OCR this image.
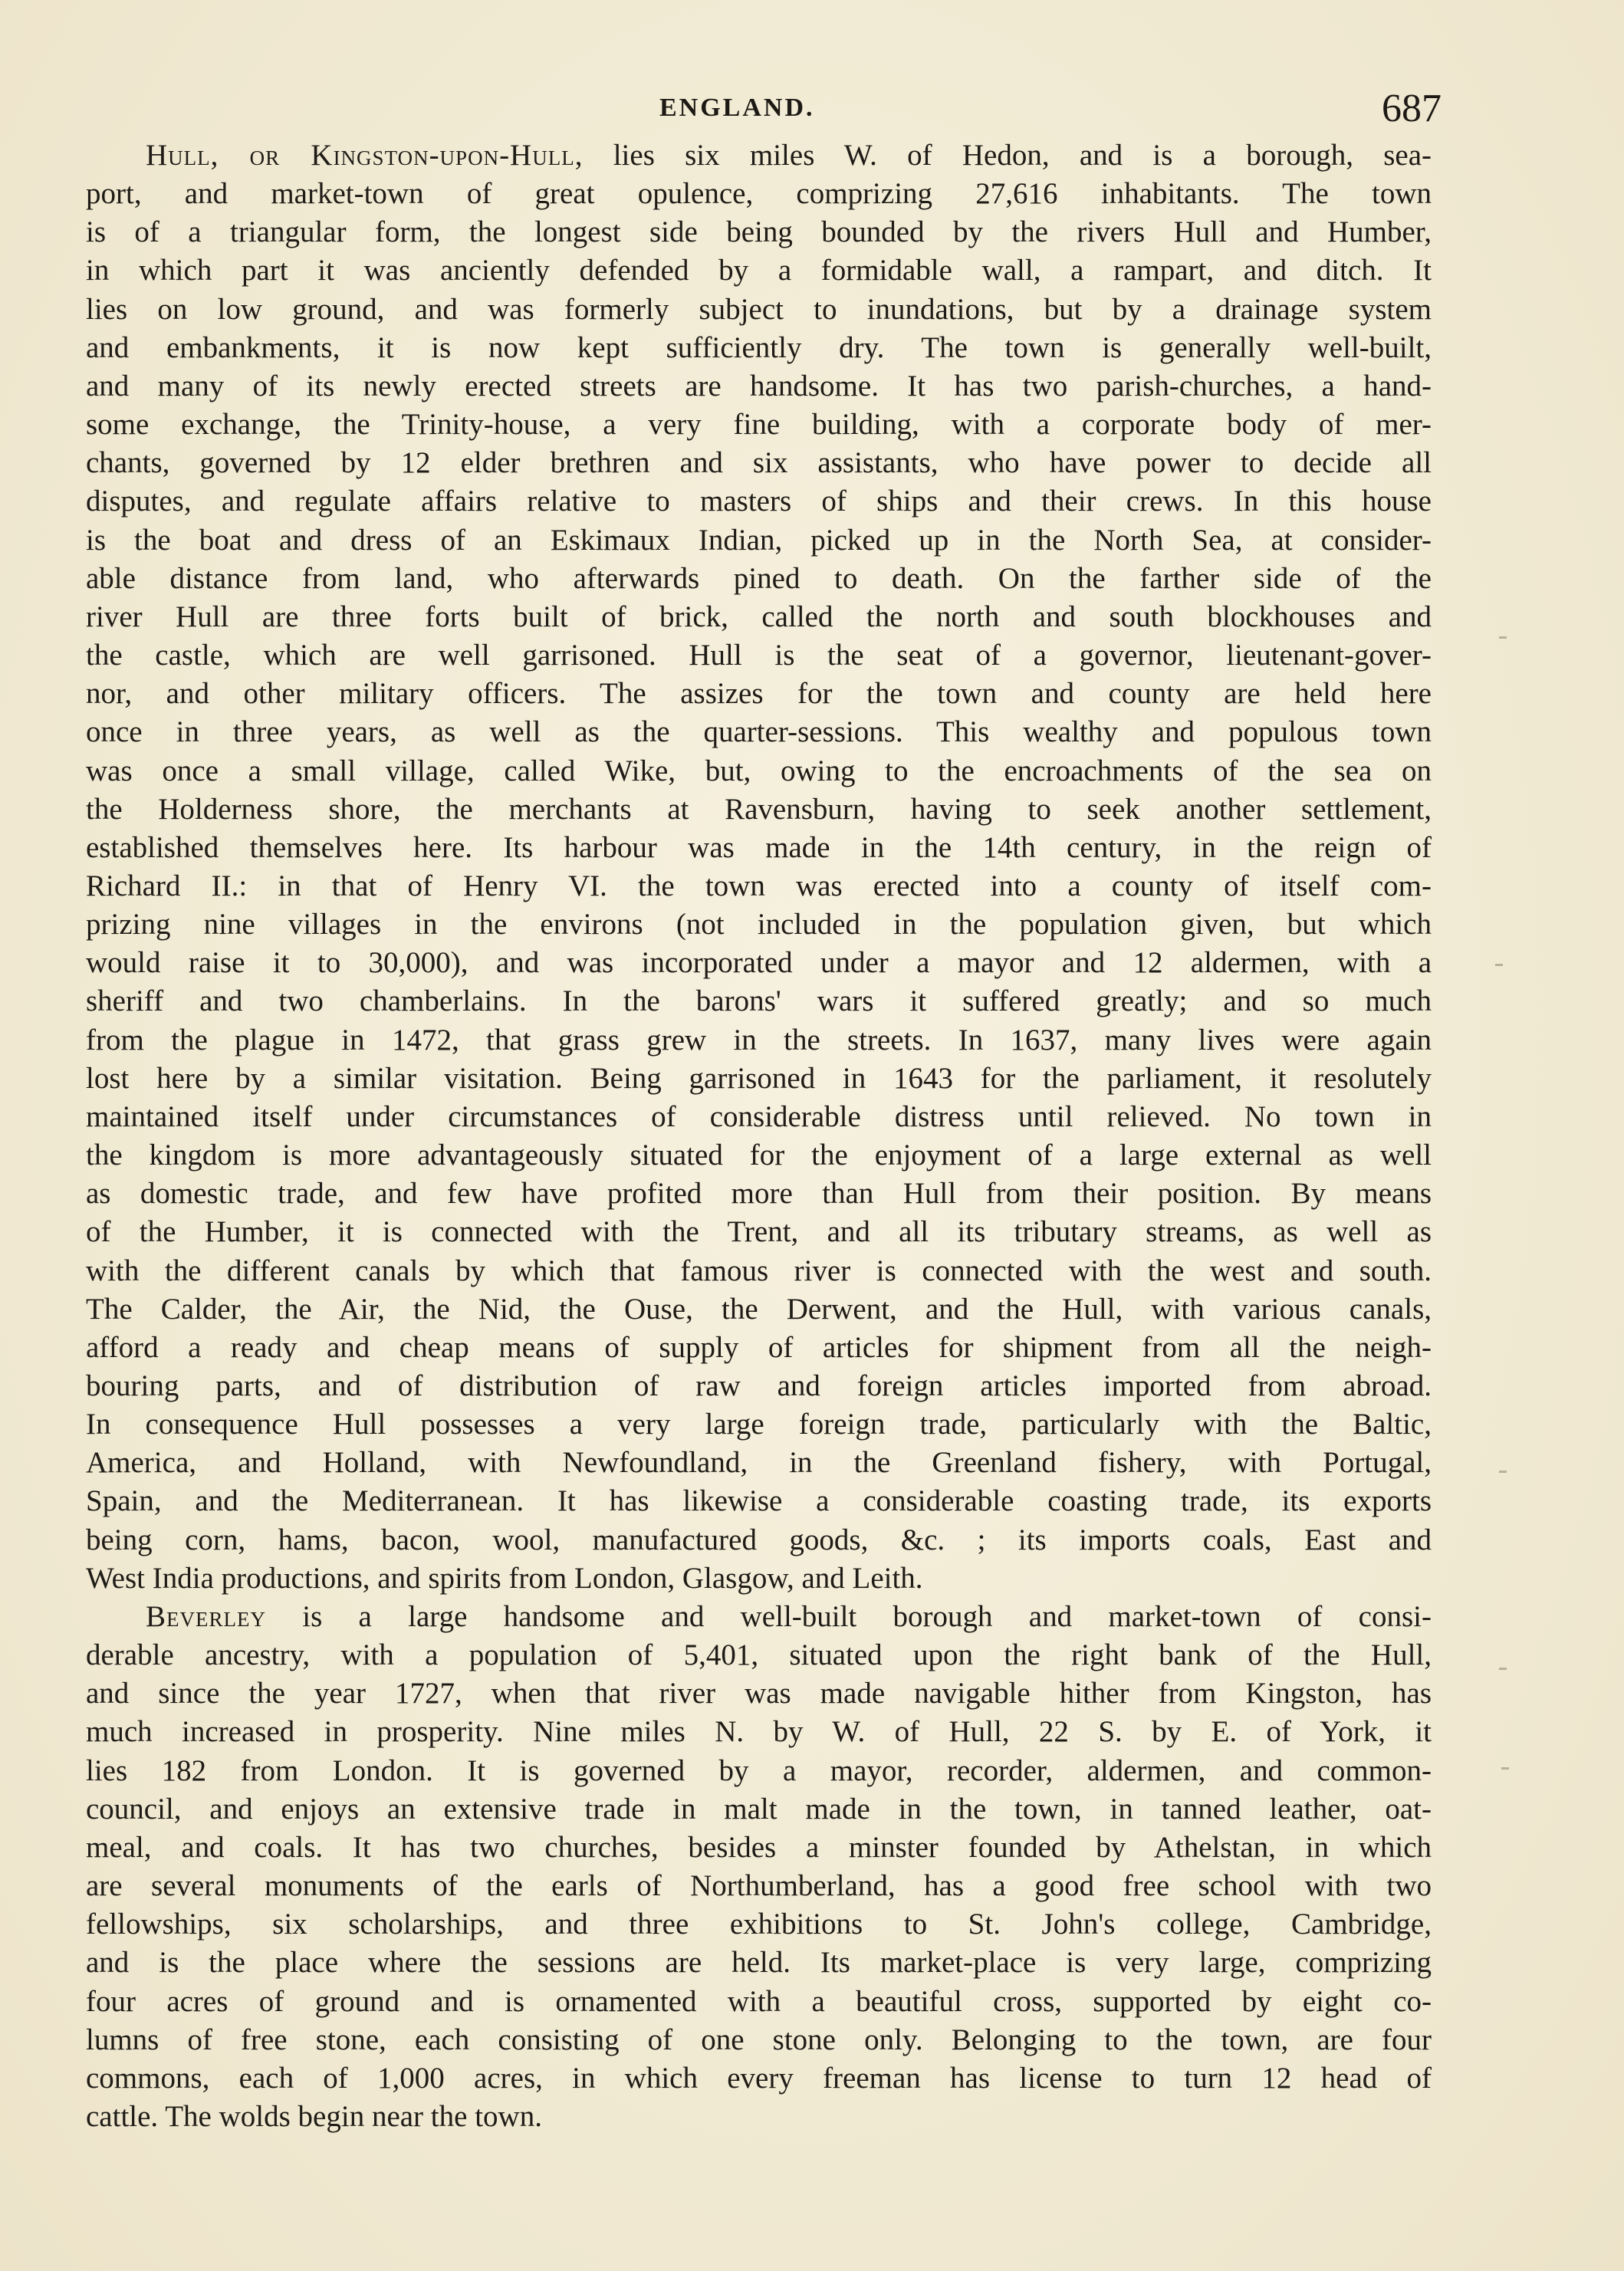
ENGLAND.	687
Hull, or Kingston-upon-Hull, lies six miles W. of Hedon, and is a borough, sea-
port, and market-town of great opulence, comprizing 27,616 inhabitants. The town
is of a triangular form, the longest side being bounded by the rivers Hull and Humber,
in which part it was anciently defended by a formidable wall, a rampart, and ditch. It
lies on low ground, and was formerly subject to inundations, but by a drainage system
and embankments, it is now kept sufficiently dry. The town is generally well-built,
and many of its newly erected streets are handsome. It has two parish-churches, a hand-
some exchange, the Trinity-house, a very fine building, with a corporate body of mer-
chants, governed by 12 elder brethren and six assistants, who have power to decide all
disputes, and regulate affairs relative to masters of ships and their crews. In this house
is the boat and dress of an Eskimaux Indian, picked up in the North Sea, at consider-
able distance from land, who afterwards pined to death. On the farther side of the
river Hull are three forts built of brick, called the north and south blockhouses and
the castle, which are well garrisoned. Hull is the seat of a governor, lieutenant-gover-
nor, and other military officers. The assizes for the town and county are held here
once in three years, as well as the quarter-sessions. This wealthy and populous town
was once a small village, called Wike, but, owing to the encroachments of the sea on
the Holderness shore, the merchants at Ravensburn, having to seek another settlement,
established themselves here. Its harbour was made in the 14th century, in the reign of
Richard II.: in that of Henry VI. the town was erected into a county of itself com-
prizing nine villages in the environs (not included in the population given, but which
would raise it to 30,000), and was incorporated under a mayor and 12 aldermen, with a
sheriff and two chamberlains. In the barons' wars it suffered greatly; and so much
from the plague in 1472, that grass grew in the streets. In 1637, many lives were again
lost here by a similar visitation. Being garrisoned in 1643 for the parliament, it resolutely
maintained itself under circumstances of considerable distress until relieved. No town in
the kingdom is more advantageously situated for the enjoyment of a large external as well
as domestic trade, and few have profited more than Hull from their position. By means
of the Humber, it is connected with the Trent, and all its tributary streams, as well as
with the different canals by which that famous river is connected with the west and south.
The Calder, the Air, the Nid, the Ouse, the Derwent, and the Hull, with various canals,
afford a ready and cheap means of supply of articles for shipment from all the neigh-
bouring parts, and of distribution of raw and foreign articles imported from abroad.
In consequence Hull possesses a very large foreign trade, particularly with the Baltic,
America, and Holland, with Newfoundland, in the Greenland fishery, with Portugal,
Spain, and the Mediterranean. It has likewise a considerable coasting trade, its exports
being corn, hams, bacon, wool, manufactured goods, &c. ; its imports coals, East and
West India productions, and spirits from London, Glasgow, and Leith.
Beverley is a large handsome and well-built borough and market-town of consi-
derable ancestry, with a population of 5,401, situated upon the right bank of the Hull,
and since the year 1727, when that river was made navigable hither from Kingston, has
much increased in prosperity. Nine miles N. by W. of Hull, 22 S. by E. of York, it
lies 182 from London. It is governed by a mayor, recorder, aldermen, and common-
council, and enjoys an extensive trade in malt made in the town, in tanned leather, oat-
meal, and coals. It has two churches, besides a minster founded by Athelstan, in which
are several monuments of the earls of Northumberland, has a good free school with two
fellowships, six scholarships, and three exhibitions to St. John's college, Cambridge,
and is the place where the sessions are held. Its market-place is very large, comprizing
four acres of ground and is ornamented with a beautiful cross, supported by eight co-
lumns of free stone, each consisting of one stone only. Belonging to the town, are four
commons, each of 1,000 acres, in which every freeman has license to turn 12 head of
cattle. The wolds begin near the town.
